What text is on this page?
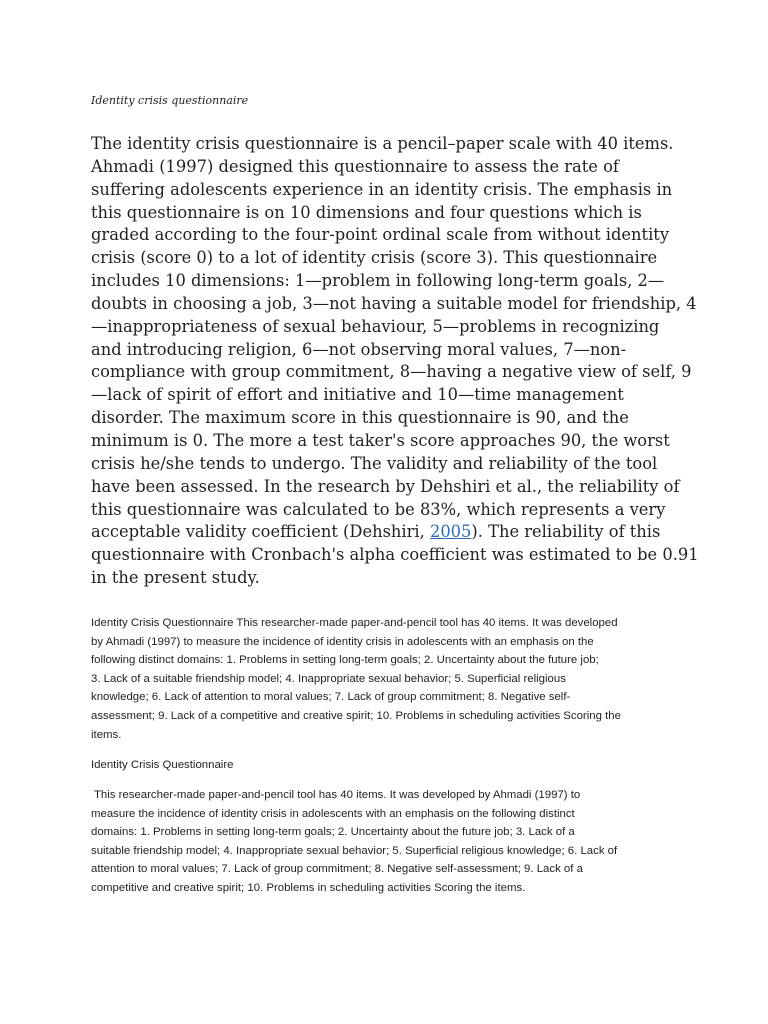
Identity crisis questionnaire

The identity crisis questionnaire is a pencil–paper scale with 40 items.
Ahmadi (1997) designed this questionnaire to assess the rate of
suffering adolescents experience in an identity crisis. The emphasis in
this questionnaire is on 10 dimensions and four questions which is
graded according to the four-point ordinal scale from without identity
crisis (score 0) to a lot of identity crisis (score 3). This questionnaire
includes 10 dimensions: 1—problem in following long-term goals, 2—
doubts in choosing a job, 3—not having a suitable model for friendship, 4
—inappropriateness of sexual behaviour, 5—problems in recognizing
and introducing religion, 6—not observing moral values, 7—non-
compliance with group commitment, 8—having a negative view of self, 9
—lack of spirit of effort and initiative and 10—time management
disorder. The maximum score in this questionnaire is 90, and the
minimum is 0. The more a test taker's score approaches 90, the worst
crisis he/she tends to undergo. The validity and reliability of the tool
have been assessed. In the research by Dehshiri et al., the reliability of
this questionnaire was calculated to be 83%, which represents a very
acceptable validity coefficient (Dehshiri, 2005). The reliability of this
questionnaire with Cronbach's alpha coefficient was estimated to be 0.91
in the present study.

Identity Crisis Questionnaire This researcher-made paper-and-pencil tool has 40 items. It was developed
by Ahmadi (1997) to measure the incidence of identity crisis in adolescents with an emphasis on the
following distinct domains: 1. Problems in setting long-term goals; 2. Uncertainty about the future job;
3. Lack of a suitable friendship model; 4. Inappropriate sexual behavior; 5. Superficial religious
knowledge; 6. Lack of attention to moral values; 7. Lack of group commitment; 8. Negative self-
assessment; 9. Lack of a competitive and creative spirit; 10. Problems in scheduling activities Scoring the
items.

Identity Crisis Questionnaire

This researcher-made paper-and-pencil tool has 40 items. It was developed by Ahmadi (1997) to
measure the incidence of identity crisis in adolescents with an emphasis on the following distinct
domains: 1. Problems in setting long-term goals; 2. Uncertainty about the future job; 3. Lack of a
suitable friendship model; 4. Inappropriate sexual behavior; 5. Superficial religious knowledge; 6. Lack of
attention to moral values; 7. Lack of group commitment; 8. Negative self-assessment; 9. Lack of a
competitive and creative spirit; 10. Problems in scheduling activities Scoring the items.
